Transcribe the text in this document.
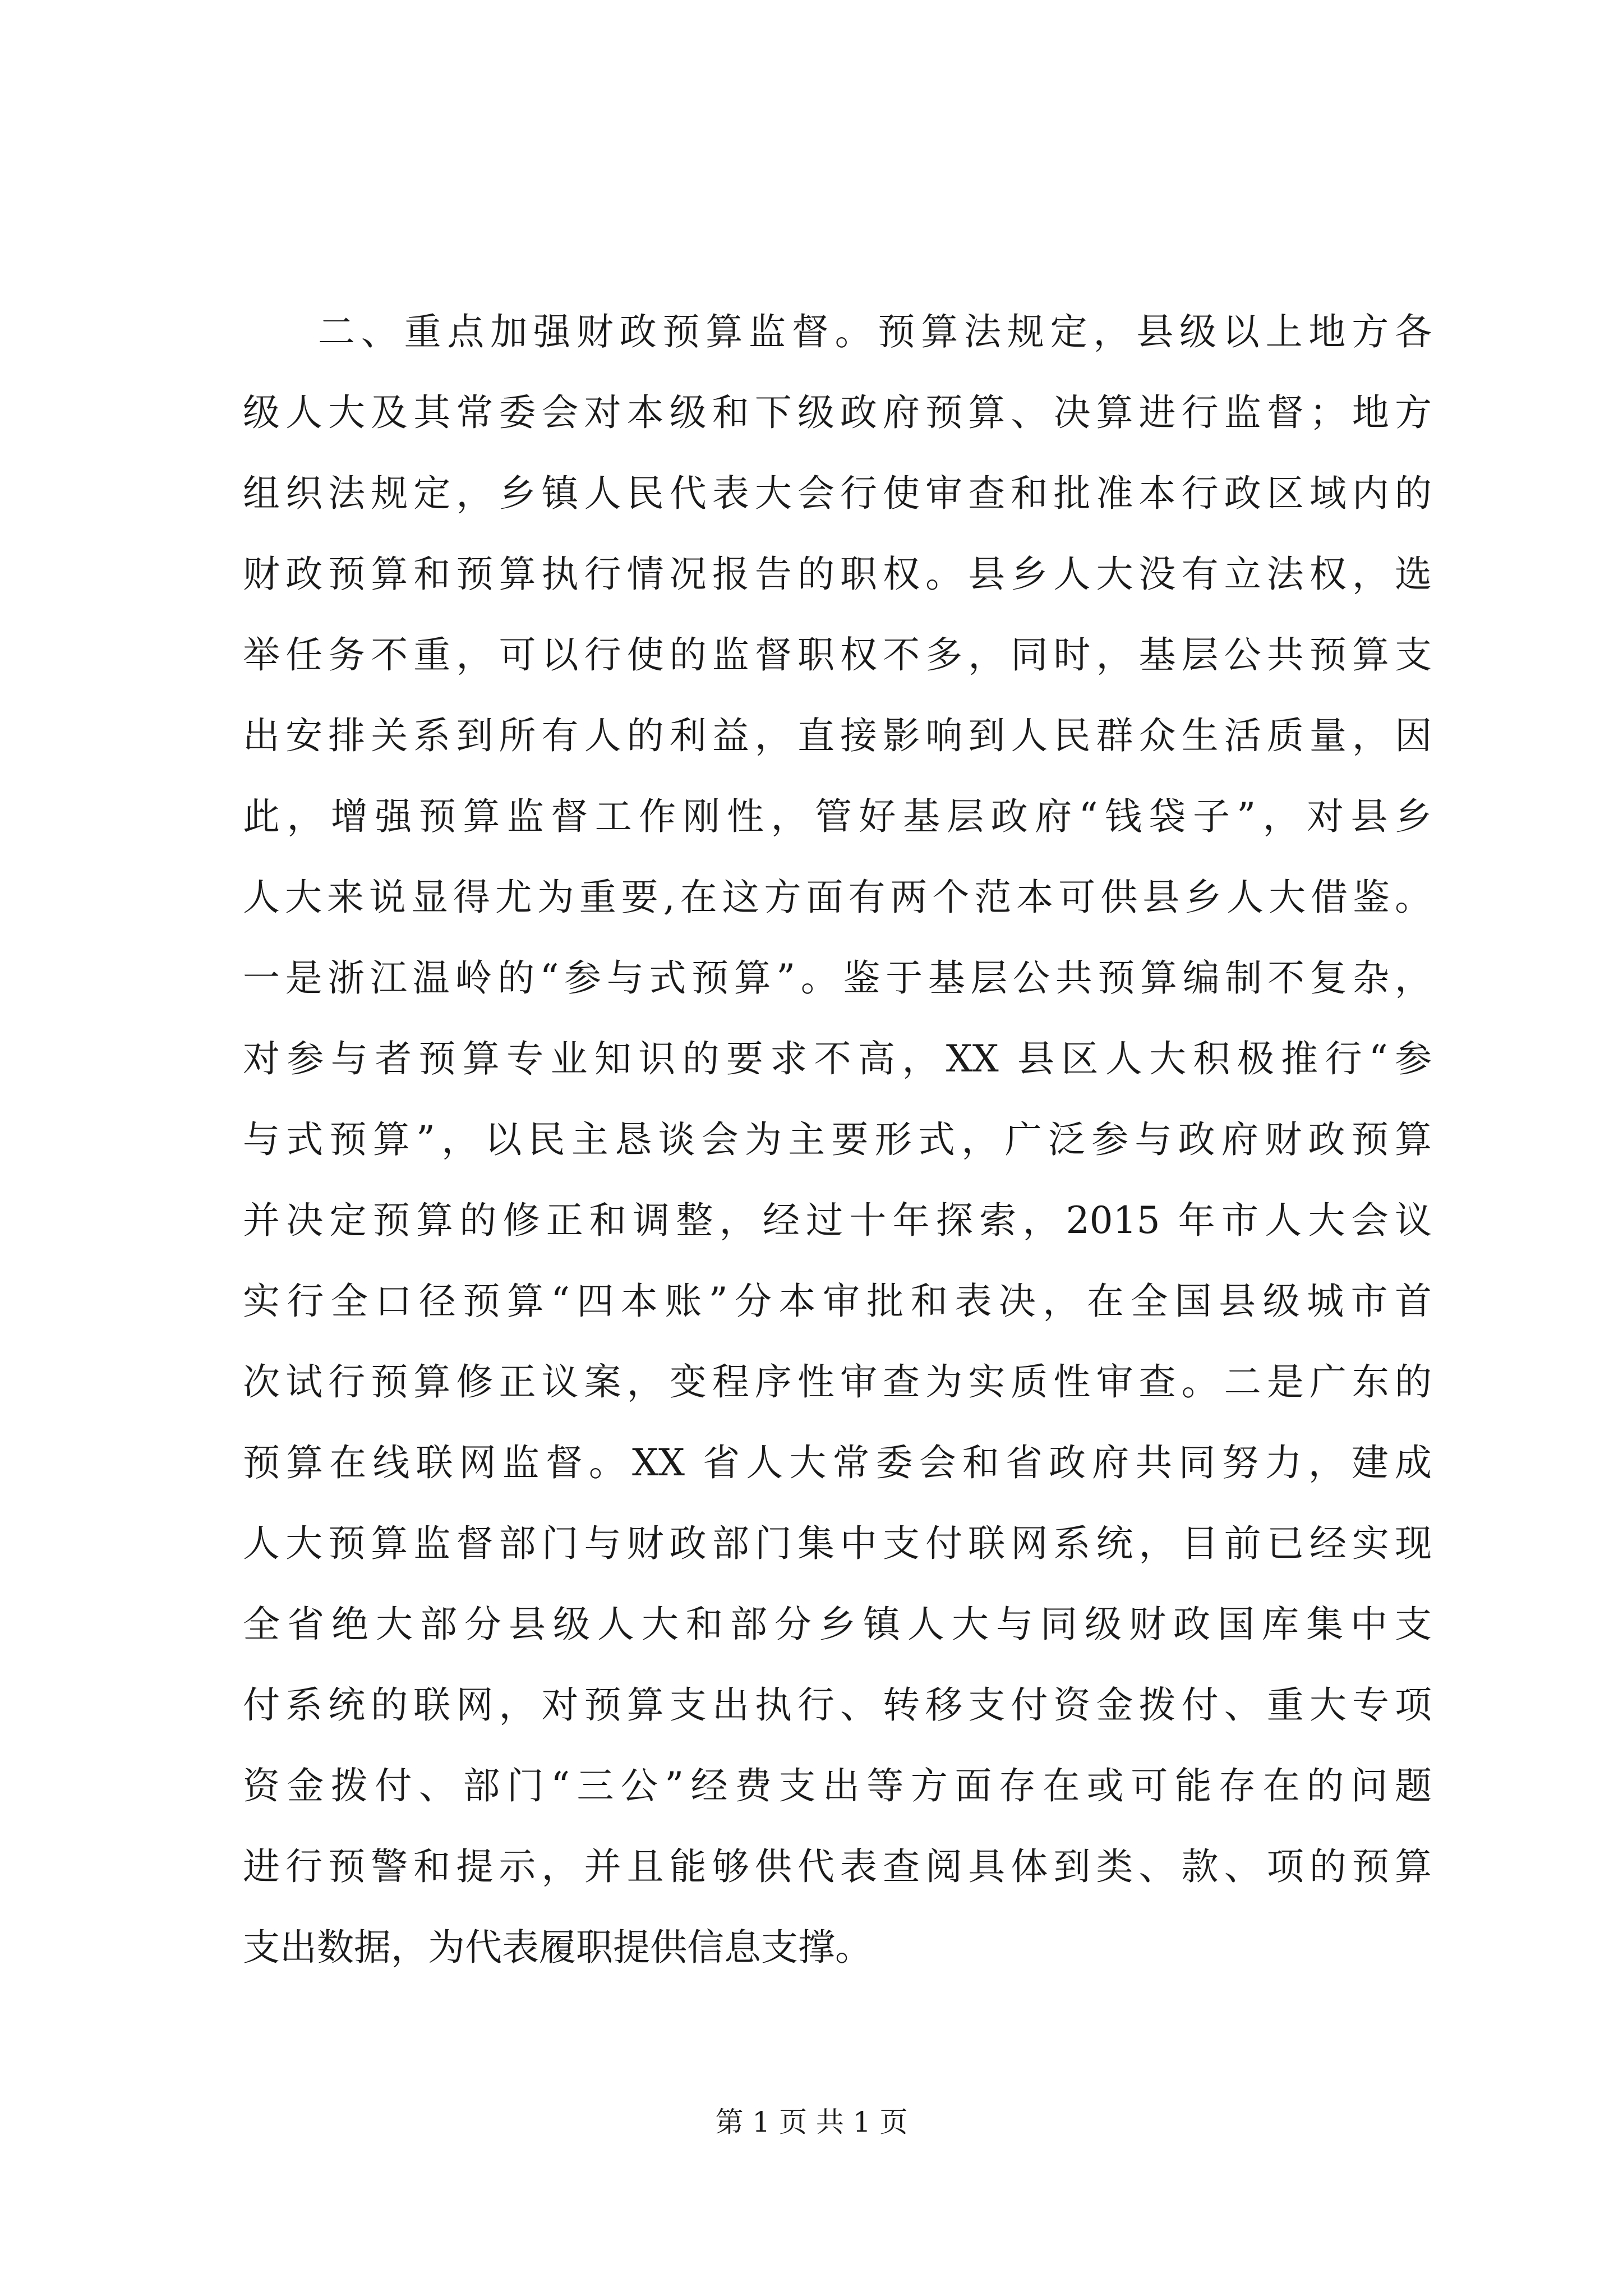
二、重点加强财政预算监督。预算法规定，县级以上地方各
级人大及其常委会对本级和下级政府预算、决算进行监督；地方
组织法规定，乡镇人民代表大会行使审查和批准本行政区域内的
财政预算和预算执行情况报告的职权。县乡人大没有立法权，选
举任务不重，可以行使的监督职权不多，同时，基层公共预算支
出安排关系到所有人的利益，直接影响到人民群众生活质量，因
此，增强预算监督工作刚性，管好基层政府“钱袋子”，对县乡
人大来说显得尤为重要,在这方面有两个范本可供县乡人大借鉴。
一是浙江温岭的“参与式预算”。鉴于基层公共预算编制不复杂，
对参与者预算专业知识的要求不高，XX 县区人大积极推行“参
与式预算”，以民主恳谈会为主要形式，广泛参与政府财政预算
并决定预算的修正和调整，经过十年探索，2015 年市人大会议
实行全口径预算“四本账”分本审批和表决，在全国县级城市首
次试行预算修正议案，变程序性审查为实质性审查。二是广东的
预算在线联网监督。XX 省人大常委会和省政府共同努力，建成
人大预算监督部门与财政部门集中支付联网系统，目前已经实现
全省绝大部分县级人大和部分乡镇人大与同级财政国库集中支
付系统的联网，对预算支出执行、转移支付资金拨付、重大专项
资金拨付、部门“三公”经费支出等方面存在或可能存在的问题
进行预警和提示，并且能够供代表查阅具体到类、款、项的预算
支出数据，为代表履职提供信息支撑。
第 1 页 共 1 页
